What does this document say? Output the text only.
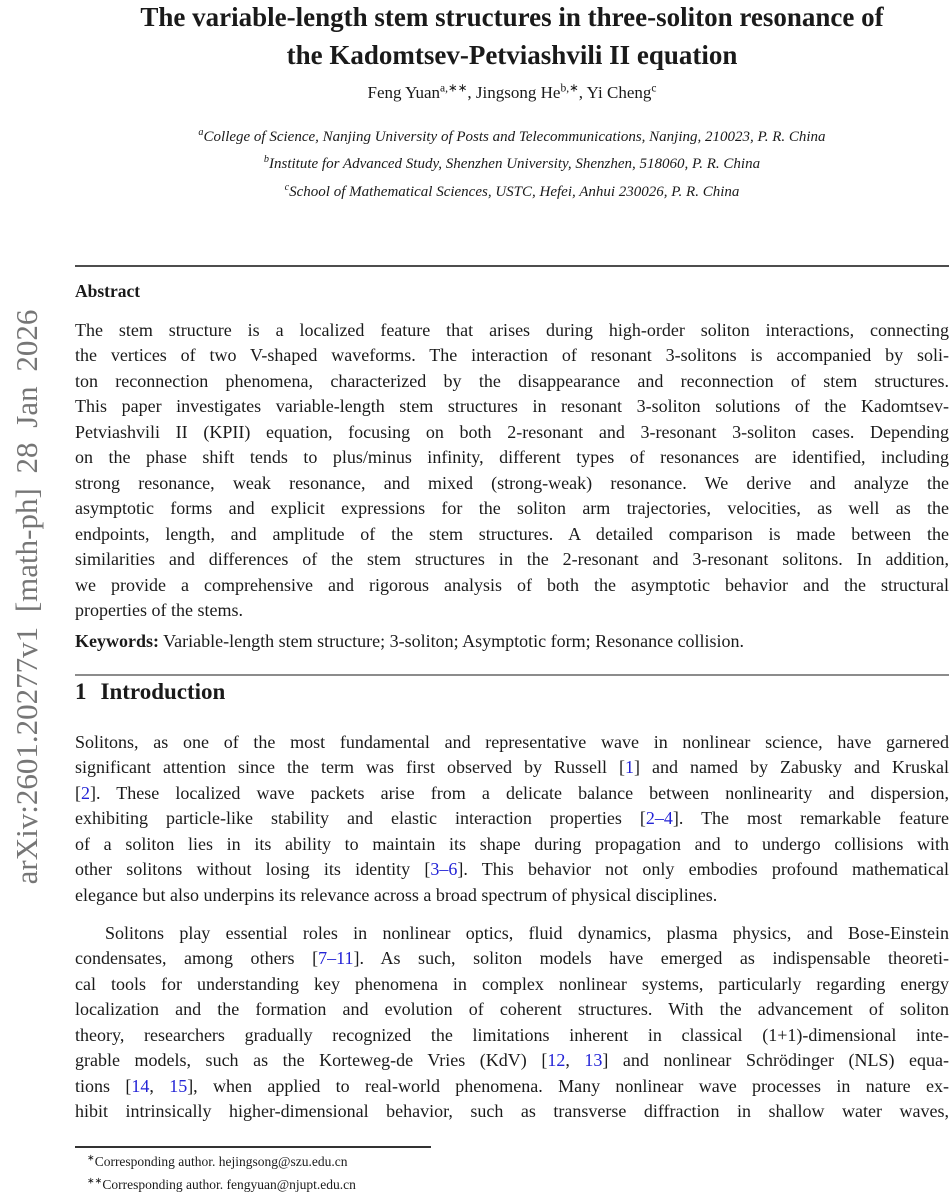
arXiv:2601.20277v1 [math-ph] 28 Jan 2026
The variable-length stem structures in three-soliton resonance of
the Kadomtsev-Petviashvili II equation
Feng Yuan$^{a,∗∗}$, Jingsong $He^{b,∗}$, Yi Cheng$^c$
$^a$College of Science, Nanjing University of Posts and Telecommunications, Nanjing, 210023, P. R. China
$^b$Institute for Advanced Study, Shenzhen University, Shenzhen, 518060, P. R. China
$^c$School of Mathematical Sciences, USTC, Hefei, Anhui 230026, P. R. China
Abstract
The stem structure is a localized feature that arises during high-order soliton interactions, connecting
the vertices of two V-shaped waveforms. The interaction of resonant 3-solitons is accompanied by soli-
ton reconnection phenomena, characterized by the disappearance and reconnection of stem structures.
This paper investigates variable-length stem structures in resonant 3-soliton solutions of the Kadomtsev-
Petviashvili II (KPII) equation, focusing on both 2-resonant and 3-resonant 3-soliton cases. Depending
on the phase shift tends to plus/minus infinity, different types of resonances are identified, including
strong resonance, weak resonance, and mixed (strong-weak) resonance. We derive and analyze the
asymptotic forms and explicit expressions for the soliton arm trajectories, velocities, as well as the
endpoints, length, and amplitude of the stem structures. A detailed comparison is made between the
similarities and differences of the stem structures in the 2-resonant and 3-resonant solitons. In addition,
we provide a comprehensive and rigorous analysis of both the asymptotic behavior and the structural
properties of the stems.
Keywords: Variable-length stem structure; 3-soliton; Asymptotic form; Resonance collision.
1 Introduction
Solitons, as one of the most fundamental and representative wave in nonlinear science, have garnered
significant attention since the term was first observed by Russell [1] and named by Zabusky and Kruskal
[2]. These localized wave packets arise from a delicate balance between nonlinearity and dispersion,
exhibiting particle-like stability and elastic interaction properties [2–4]. The most remarkable feature
of a soliton lies in its ability to maintain its shape during propagation and to undergo collisions with
other solitons without losing its identity [3–6]. This behavior not only embodies profound mathematical
elegance but also underpins its relevance across a broad spectrum of physical disciplines.
Solitons play essential roles in nonlinear optics, fluid dynamics, plasma physics, and Bose-Einstein
condensates, among others [7–11]. As such, soliton models have emerged as indispensable theoreti-
cal tools for understanding key phenomena in complex nonlinear systems, particularly regarding energy
localization and the formation and evolution of coherent structures. With the advancement of soliton
theory, researchers gradually recognized the limitations inherent in classical (1+1)-dimensional inte-
grable models, such as the Korteweg-de Vries (KdV) [12, 13] and nonlinear Schrödinger (NLS) equa-
tions [14, 15], when applied to real-world phenomena. Many nonlinear wave processes in nature ex-
hibit intrinsically higher-dimensional behavior, such as transverse diffraction in shallow water waves,
∗Corresponding author. hejingsong@szu.edu.cn
∗∗Corresponding author. fengyuan@njupt.edu.cn
